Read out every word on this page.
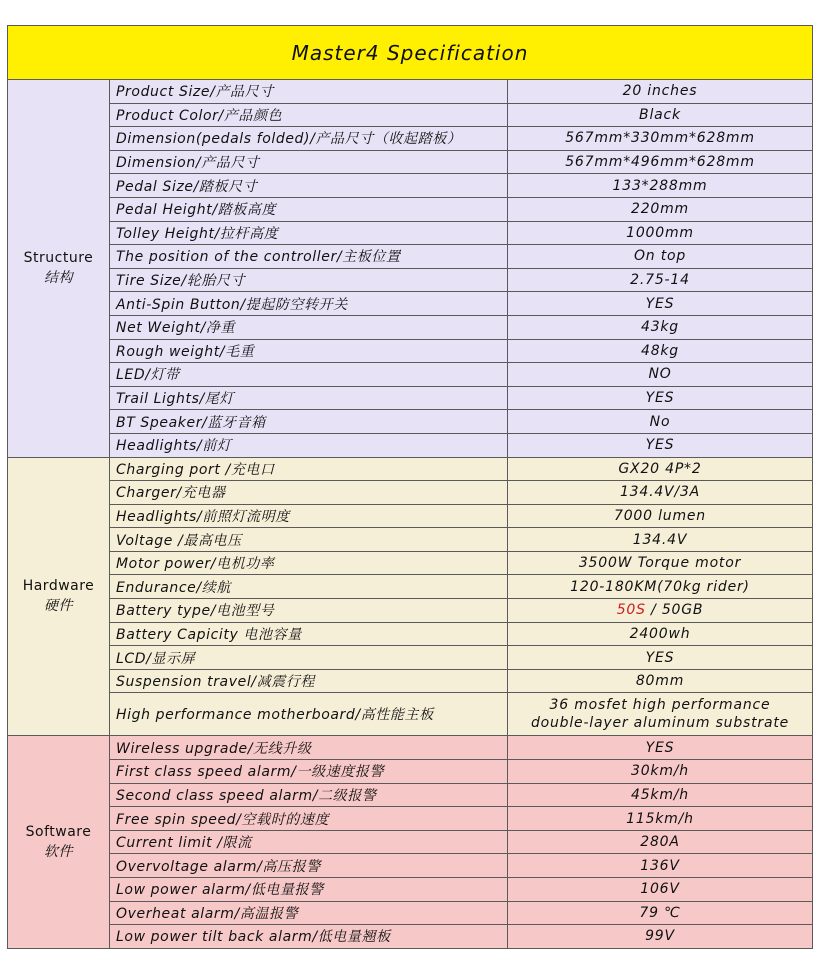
Master4 Specification		

Structure
结构	Product Size/产品尺寸	20 inches
	Product Color/产品颜色	Black
	Dimension(pedals folded)/产品尺寸（收起踏板）	567mm*330mm*628mm
	Dimension/产品尺寸	567mm*496mm*628mm
	Pedal Size/踏板尺寸	133*288mm
	Pedal Height/踏板高度	220mm
	Tolley Height/拉杆高度	1000mm
	The position of the controller/主板位置	On top
	Tire Size/轮胎尺寸	2.75-14
	Anti-Spin Button/提起防空转开关	YES
	Net Weight/净重	43kg
	Rough weight/毛重	48kg
	LED/灯带	NO
	Trail Lights/尾灯	YES
	BT Speaker/蓝牙音箱	No
	Headlights/前灯	YES

Hardware
硬件	Charging port /充电口	GX20 4P*2
	Charger/充电器	134.4V/3A
	Headlights/前照灯流明度	7000 lumen
	Voltage /最高电压	134.4V
	Motor power/电机功率	3500W Torque motor
	Endurance/续航	120-180KM(70kg rider)
	Battery type/电池型号	50S / 50GB
	Battery Capicity 电池容量	2400wh
	LCD/显示屏	YES
	Suspension travel/减震行程	80mm
	High performance motherboard/高性能主板	36 mosfet high performance
double-layer aluminum substrate

Software
软件	Wireless upgrade/无线升级	YES
	First class speed alarm/一级速度报警	30km/h
	Second class speed alarm/二级报警	45km/h
	Free spin speed/空载时的速度	115km/h
	Current limit /限流	280A
	Overvoltage alarm/高压报警	136V
	Low power alarm/低电量报警	106V
	Overheat alarm/高温报警	79 ℃
	Low power tilt back alarm/低电量翘板	99V
